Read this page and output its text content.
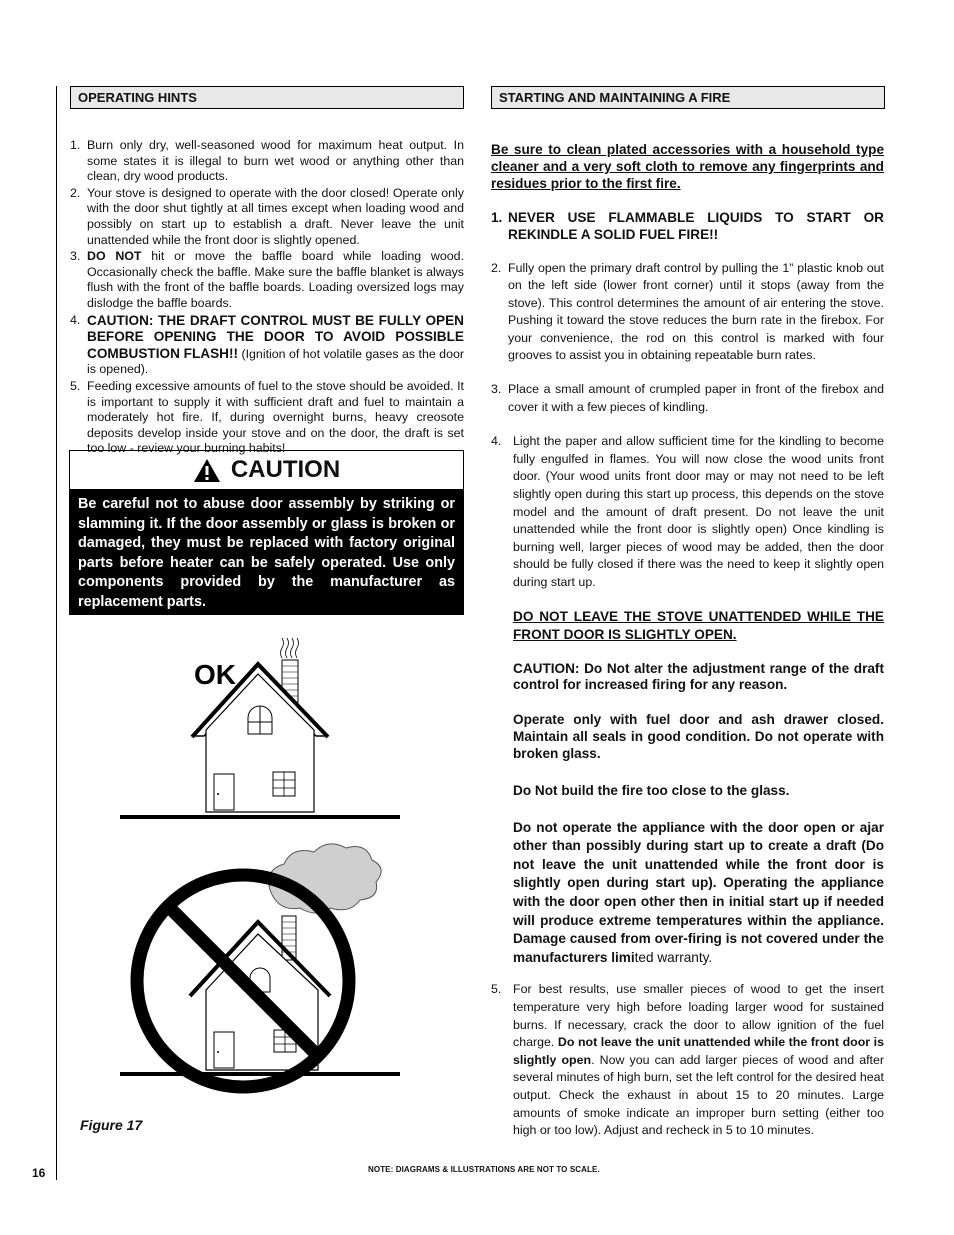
OPERATING HINTS
1. Burn only dry, well-seasoned wood for maximum heat output. In some states it is illegal to burn wet wood or anything other than clean, dry wood products.
2. Your stove is designed to operate with the door closed! Operate only with the door shut tightly at all times except when loading wood and possibly on start up to establish a draft. Never leave the unit unattended while the front door is slightly opened.
3. DO NOT hit or move the baffle board while loading wood. Occasionally check the baffle. Make sure the baffle blanket is always flush with the front of the baffle boards. Loading oversized logs may dislodge the baffle boards.
4. CAUTION: THE DRAFT CONTROL MUST BE FULLY OPEN BEFORE OPENING THE DOOR TO AVOID POSSIBLE COMBUSTION FLASH!! (Ignition of hot volatile gases as the door is opened).
5. Feeding excessive amounts of fuel to the stove should be avoided. It is important to supply it with sufficient draft and fuel to maintain a moderately hot fire. If, during overnight burns, heavy creosote deposits develop inside your stove and on the door, the draft is set too low - review your burning habits!
CAUTION
Be careful not to abuse door assembly by striking or slamming it. If the door assembly or glass is broken or damaged, they must be replaced with factory original parts before heater can be safely operated. Use only components provided by the manufacturer as replacement parts.
OK
Figure 17
STARTING AND MAINTAINING A FIRE

Be sure to clean plated accessories with a household type cleaner and a very soft cloth to remove any fingerprints and residues prior to the first fire.

1. NEVER USE FLAMMABLE LIQUIDS TO START OR REKINDLE A SOLID FUEL FIRE!!
2. Fully open the primary draft control by pulling the 1” plastic knob out on the left side (lower front corner) until it stops (away from the stove). This control determines the amount of air entering the stove. Pushing it toward the stove reduces the burn rate in the firebox. For your convenience, the rod on this control is marked with four grooves to assist you in obtaining repeatable burn rates.
3. Place a small amount of crumpled paper in front of the firebox and cover it with a few pieces of kindling.
4. Light the paper and allow sufficient time for the kindling to become fully engulfed in flames. You will now close the wood units front door. (Your wood units front door may or may not need to be left slightly open during this start up process, this depends on the stove model and the amount of draft present. Do not leave the unit unattended while the front door is slightly open) Once kindling is burning well, larger pieces of wood may be added, then the door should be fully closed if there was the need to keep it slightly open during start up.

DO NOT LEAVE THE STOVE UNATTENDED WHILE THE FRONT DOOR IS SLIGHTLY OPEN.

CAUTION: Do Not alter the adjustment range of the draft control for increased firing for any reason.

Operate only with fuel door and ash drawer closed. Maintain all seals in good condition. Do not operate with broken glass.

Do Not build the fire too close to the glass.

Do not operate the appliance with the door open or ajar other than possibly during start up to create a draft (Do not leave the unit unattended while the front door is slightly open during start up). Operating the appliance with the door open other then in initial start up if needed will produce extreme temperatures within the appliance. Damage caused from over-firing is not covered under the manufacturers limited warranty.

5. For best results, use smaller pieces of wood to get the insert temperature very high before loading larger wood for sustained burns. If necessary, crack the door to allow ignition of the fuel charge. Do not leave the unit unattended while the front door is slightly open. Now you can add larger pieces of wood and after several minutes of high burn, set the left control for the desired heat output. Check the exhaust in about 15 to 20 minutes. Large amounts of smoke indicate an improper burn setting (either too high or too low). Adjust and recheck in 5 to 10 minutes.
16	NOTE: DIAGRAMS & ILLUSTRATIONS ARE NOT TO SCALE.
